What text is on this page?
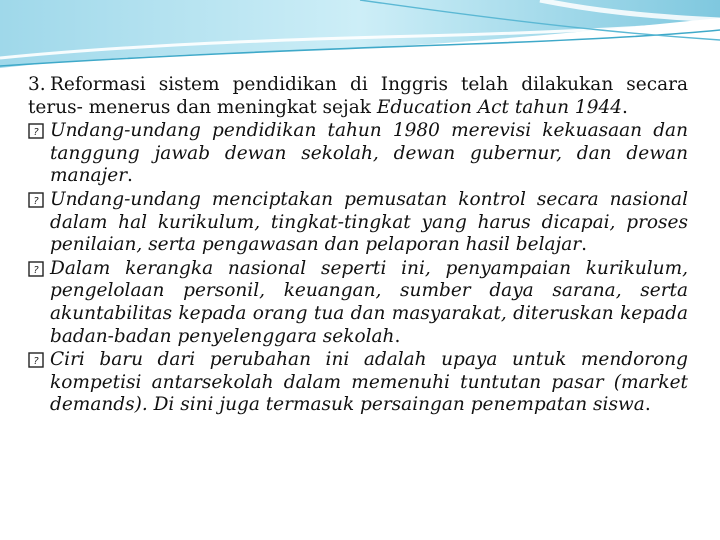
3. Reformasi sistem pendidikan di Inggris telah dilakukan secara terus- menerus dan meningkat sejak Education Act tahun 1944.

? Undang-undang pendidikan tahun 1980 merevisi kekuasaan dan tanggung jawab dewan sekolah, dewan gubernur, dan dewan manajer.

? Undang-undang menciptakan pemusatan kontrol secara nasional dalam hal kurikulum, tingkat-tingkat yang harus dicapai, proses penilaian, serta pengawasan dan pelaporan hasil belajar.

? Dalam kerangka nasional seperti ini, penyampaian kurikulum, pengelolaan personil, keuangan, sumber daya sarana, serta akuntabilitas kepada orang tua dan masyarakat, diteruskan kepada badan-badan penyelenggara sekolah.

? Ciri baru dari perubahan ini adalah upaya untuk mendorong kompetisi antarsekolah dalam memenuhi tuntutan pasar (market demands). Di sini juga termasuk persaingan penempatan siswa.
